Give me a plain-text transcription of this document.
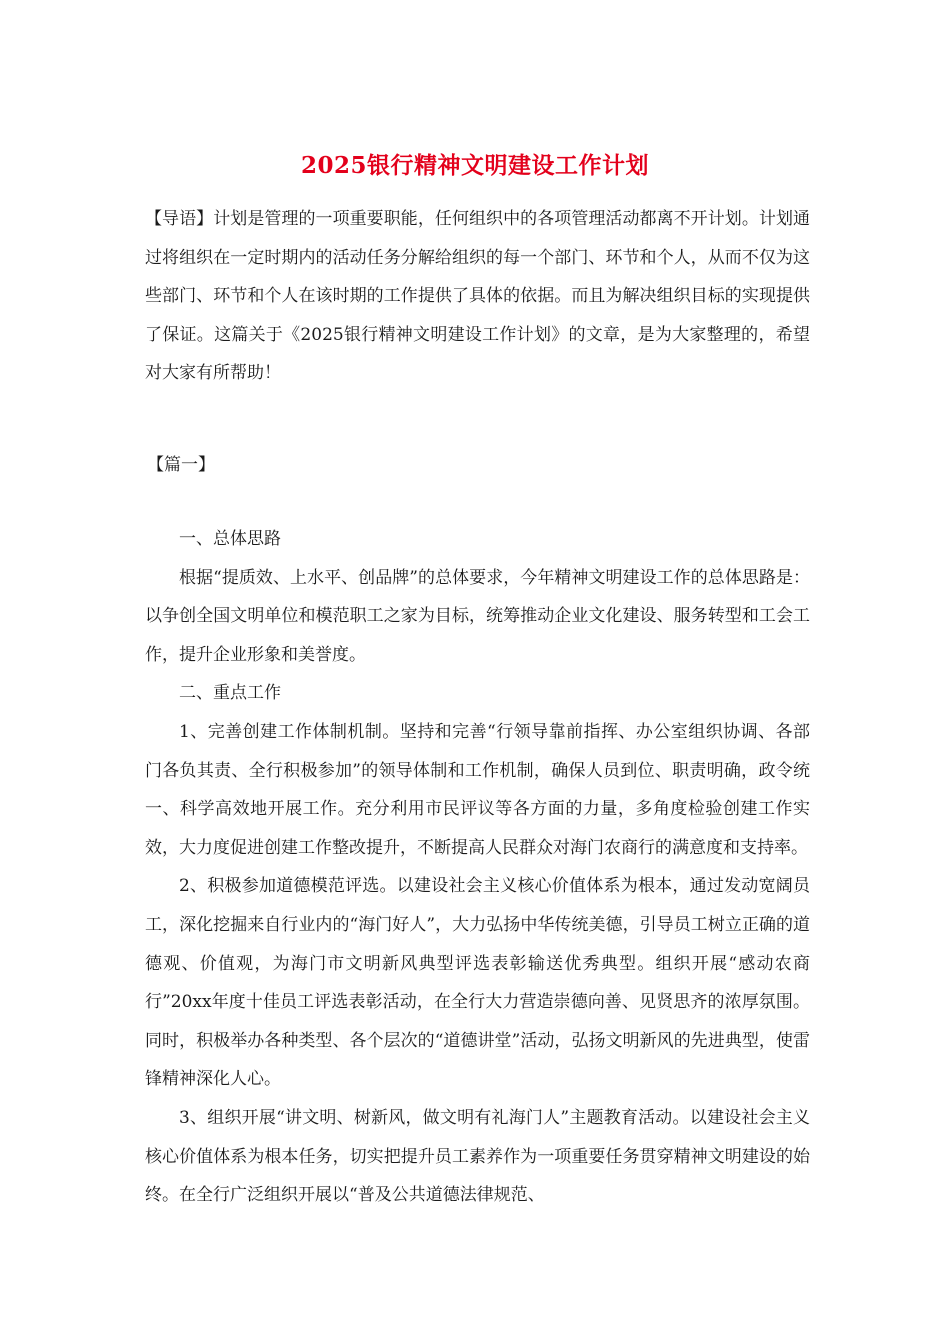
2025银行精神文明建设工作计划
【导语】计划是管理的一项重要职能，任何组织中的各项管理活动都离不开计划。计划通过将组织在一定时期内的活动任务分解给组织的每一个部门、环节和个人，从而不仅为这些部门、环节和个人在该时期的工作提供了具体的依据。而且为解决组织目标的实现提供了保证。这篇关于《2025银行精神文明建设工作计划》的文章，是为大家整理的，希望对大家有所帮助！
【篇一】

一、总体思路

根据“提质效、上水平、创品牌”的总体要求，今年精神文明建设工作的总体思路是：以争创全国文明单位和模范职工之家为目标，统筹推动企业文化建设、服务转型和工会工作，提升企业形象和美誉度。

二、重点工作

1、完善创建工作体制机制。坚持和完善“行领导靠前指挥、办公室组织协调、各部门各负其责、全行积极参加”的领导体制和工作机制，确保人员到位、职责明确，政令统一、科学高效地开展工作。充分利用市民评议等各方面的力量，多角度检验创建工作实效，大力度促进创建工作整改提升，不断提高人民群众对海门农商行的满意度和支持率。

2、积极参加道德模范评选。以建设社会主义核心价值体系为根本，通过发动宽阔员工，深化挖掘来自行业内的“海门好人”，大力弘扬中华传统美德，引导员工树立正确的道德观、价值观，为海门市文明新风典型评选表彰输送优秀典型。组织开展“感动农商行”20xx年度十佳员工评选表彰活动，在全行大力营造崇德向善、见贤思齐的浓厚氛围。同时，积极举办各种类型、各个层次的“道德讲堂”活动，弘扬文明新风的先进典型，使雷锋精神深化人心。

3、组织开展“讲文明、树新风，做文明有礼海门人”主题教育活动。以建设社会主义核心价值体系为根本任务，切实把提升员工素养作为一项重要任务贯穿精神文明建设的始终。在全行广泛组织开展以“普及公共道德法律规范、
